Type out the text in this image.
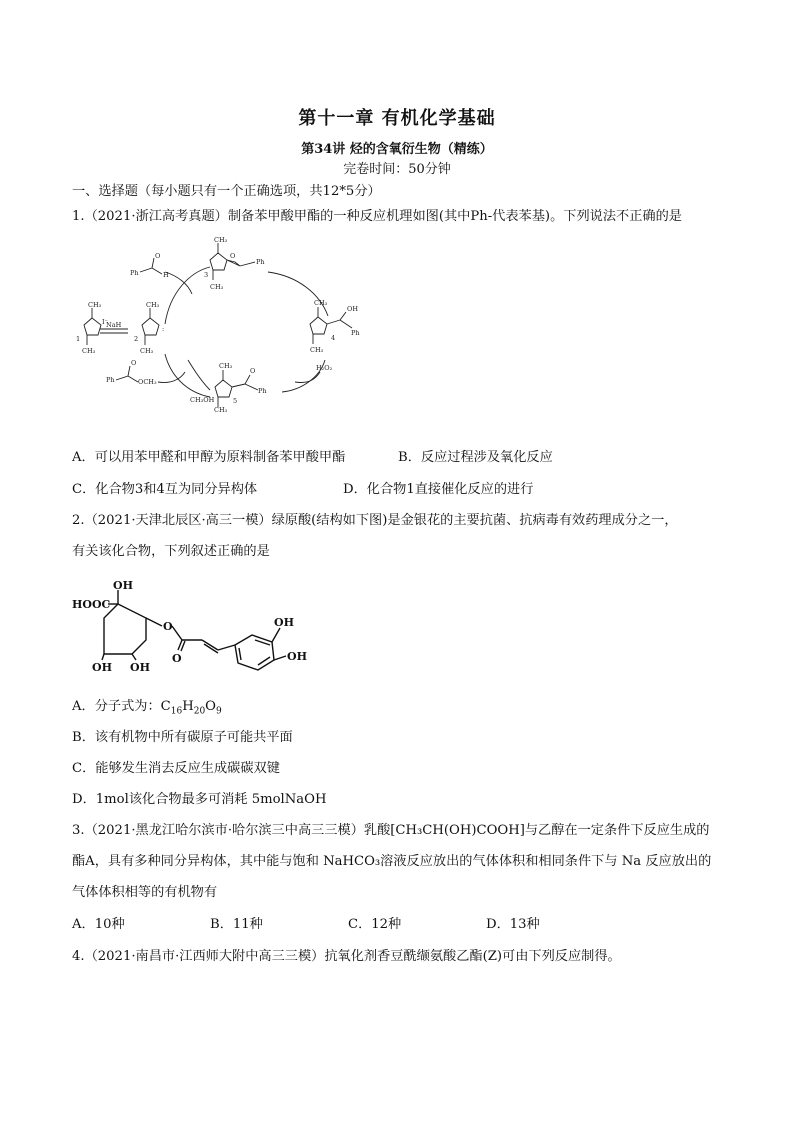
第十一章 有机化学基础
第34讲 烃的含氧衍生物（精练）
完卷时间：50分钟
一、选择题（每小题只有一个正确选项，共12*5分）
1.（2021·浙江高考真题）制备苯甲酸甲酯的一种反应机理如图(其中Ph-代表苯基)。下列说法不正确的是
CH₃
I⁻
CH₃
1
NaH
CH₃
:
CH₃
2
CH₃
O
Ph
CH₃
3
O
Ph	H
CH₃
OH
Ph
CH₃
4
H₂O₂
CH₃
O
Ph
CH₃
5
O
Ph	OCH₃
CH₃OH
A．可以用苯甲醛和甲醇为原料制备苯甲酸甲酯	B．反应过程涉及氧化反应
C．化合物3和4互为同分异构体	D．化合物1直接催化反应的进行
2.（2021·天津北辰区·高三一模）绿原酸(结构如下图)是金银花的主要抗菌、抗病毒有效药理成分之一，
有关该化合物，下列叙述正确的是
OH
HOOC
O
O
OH OH
OH
OH
A．分子式为：$C_{16}H_{20}O_9$
B．该有机物中所有碳原子可能共平面
C．能够发生消去反应生成碳碳双键
D．1mol该化合物最多可消耗 5molNaOH
3.（2021·黑龙江哈尔滨市·哈尔滨三中高三三模）乳酸[CH₃CH(OH)COOH]与乙醇在一定条件下反应生成的
酯A，具有多种同分异构体，其中能与饱和 NaHCO₃溶液反应放出的气体体积和相同条件下与 Na 反应放出的
气体体积相等的有机物有
A．10种	B．11种	C．12种	D．13种
4.（2021·南昌市·江西师大附中高三三模）抗氧化剂香豆酰缬氨酸乙酯(Z)可由下列反应制得。
